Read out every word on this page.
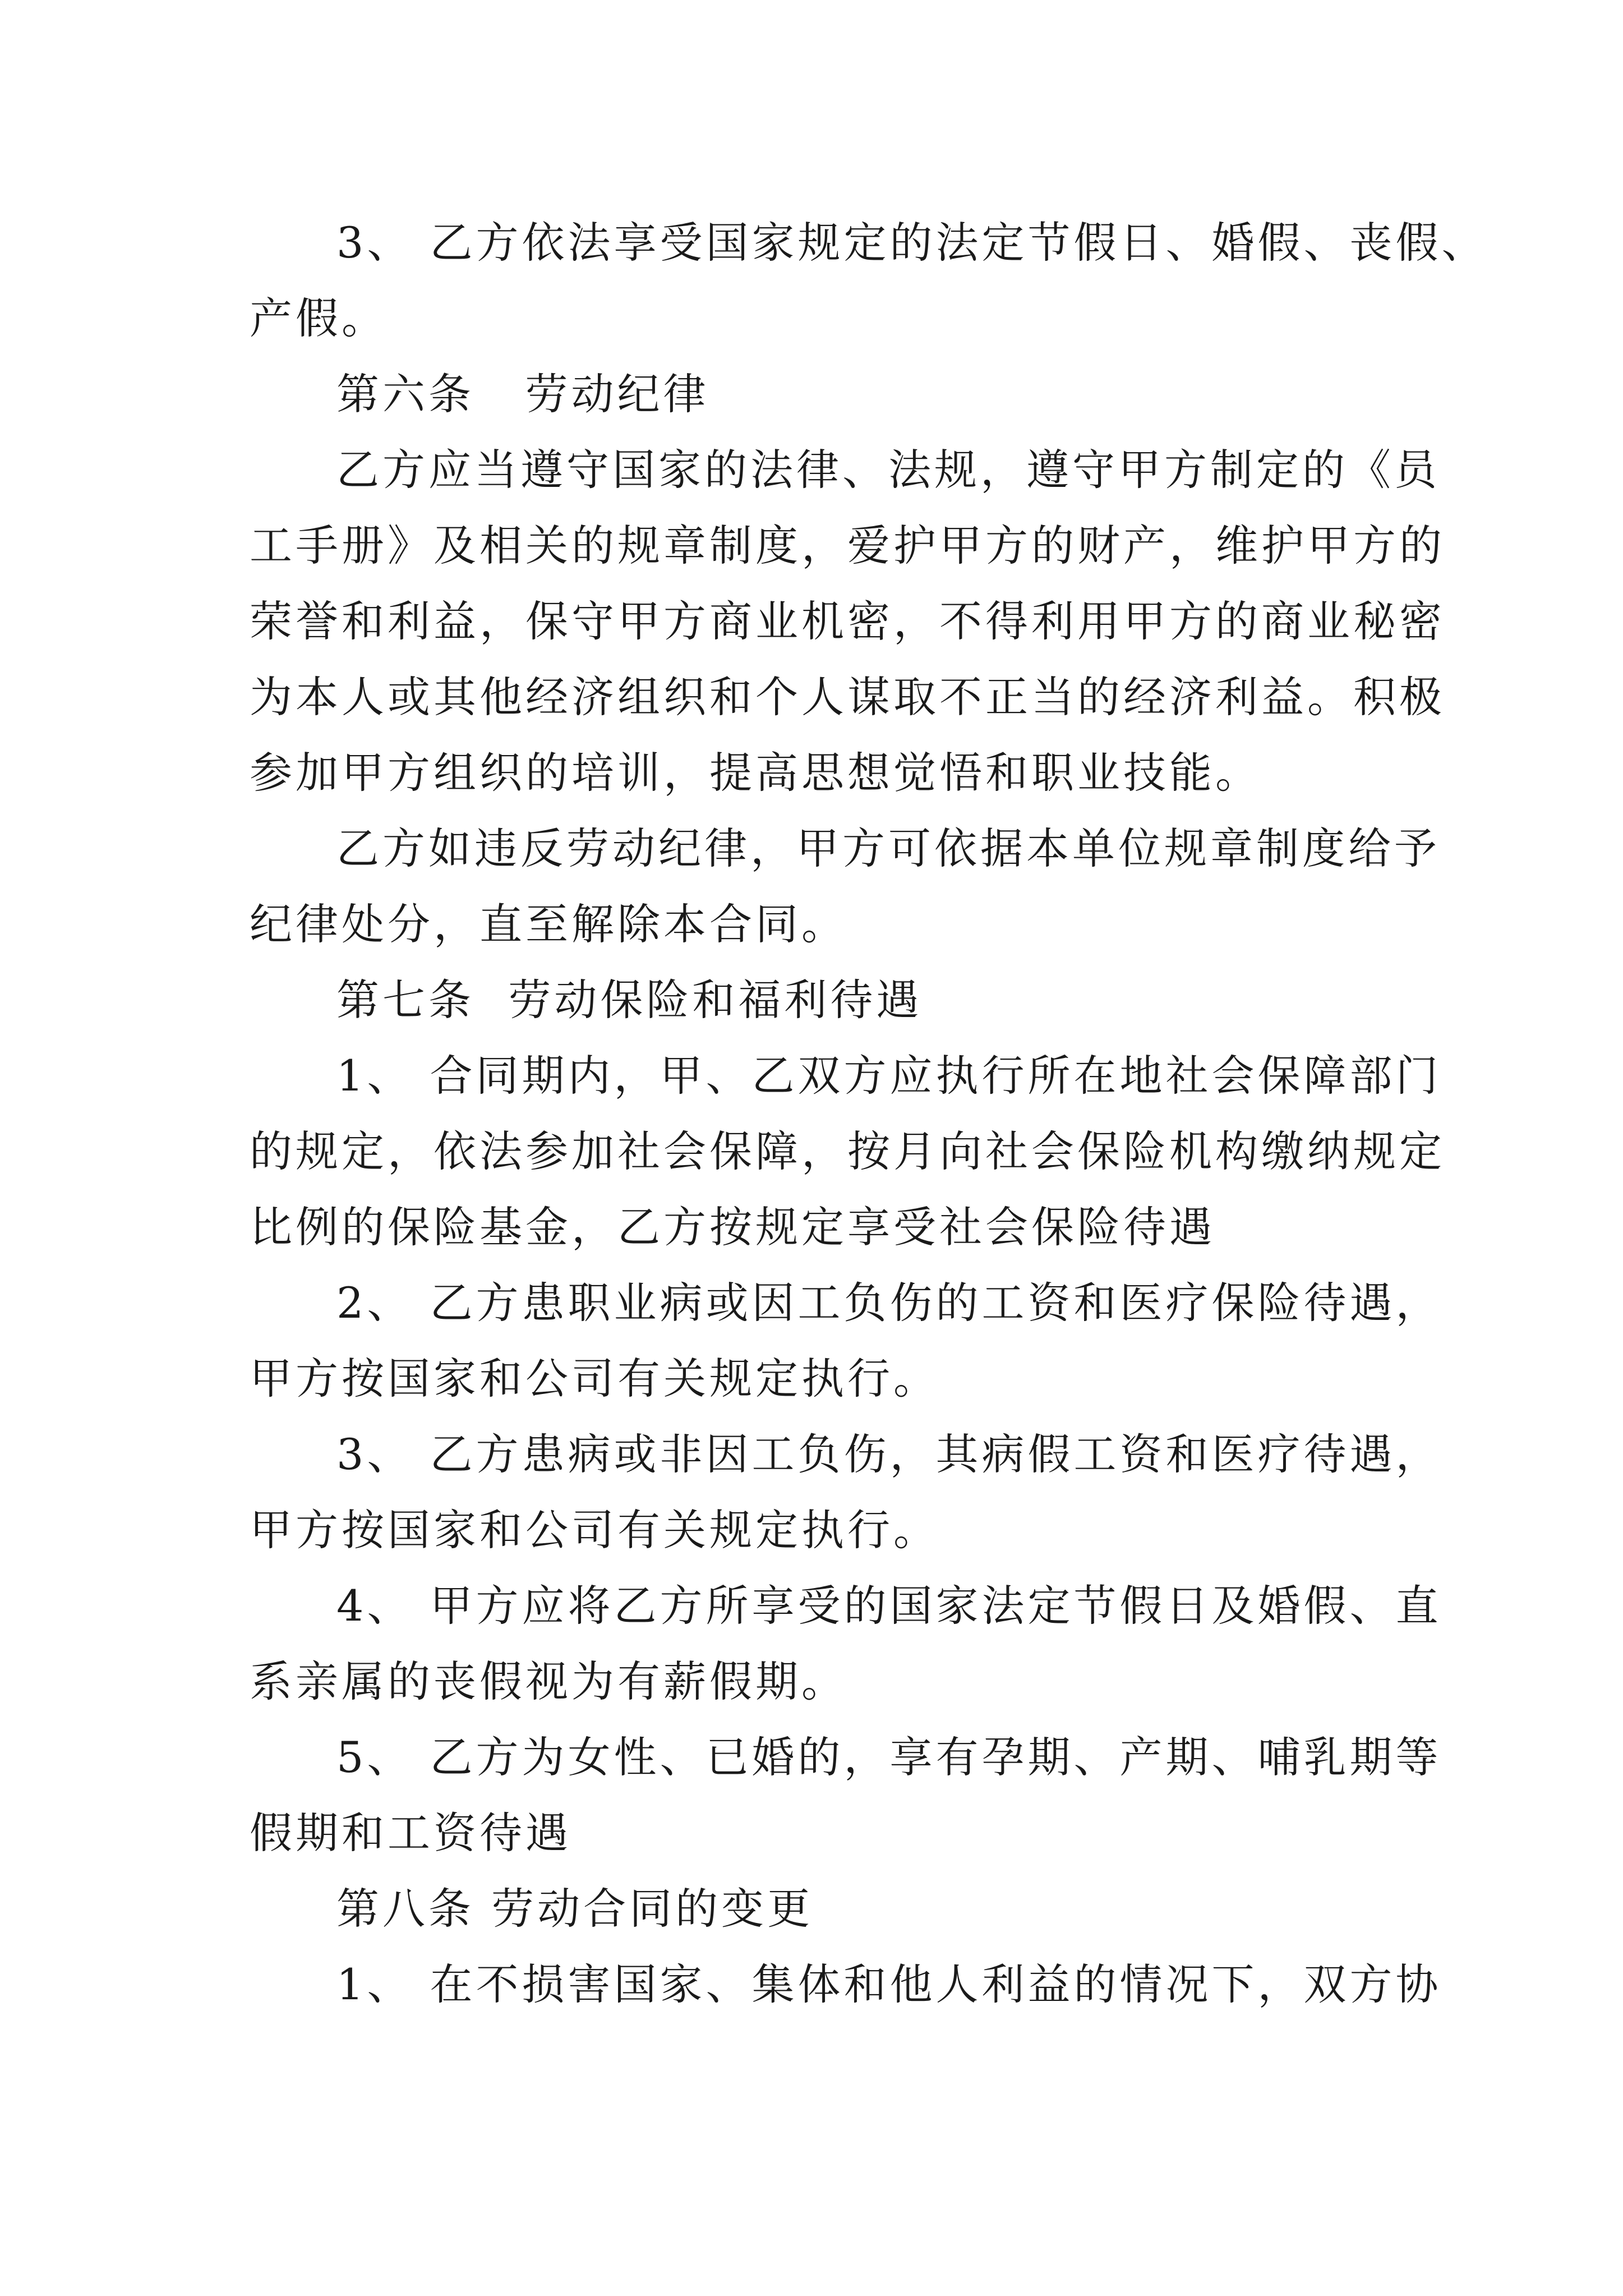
3、 乙方依法享受国家规定的法定节假日、婚假、丧假、
产假。
第六条   劳动纪律
乙方应当遵守国家的法律、法规，遵守甲方制定的《员
工手册》及相关的规章制度，爱护甲方的财产，维护甲方的
荣誉和利益，保守甲方商业机密，不得利用甲方的商业秘密
为本人或其他经济组织和个人谋取不正当的经济利益。积极
参加甲方组织的培训，提高思想觉悟和职业技能。
乙方如违反劳动纪律，甲方可依据本单位规章制度给予
纪律处分，直至解除本合同。
第七条  劳动保险和福利待遇
1、 合同期内，甲、乙双方应执行所在地社会保障部门
的规定，依法参加社会保障，按月向社会保险机构缴纳规定
比例的保险基金，乙方按规定享受社会保险待遇
2、 乙方患职业病或因工负伤的工资和医疗保险待遇，
甲方按国家和公司有关规定执行。
3、 乙方患病或非因工负伤，其病假工资和医疗待遇，
甲方按国家和公司有关规定执行。
4、 甲方应将乙方所享受的国家法定节假日及婚假、直
系亲属的丧假视为有薪假期。
5、 乙方为女性、已婚的，享有孕期、产期、哺乳期等
假期和工资待遇
第八条 劳动合同的变更
1、 在不损害国家、集体和他人利益的情况下，双方协
